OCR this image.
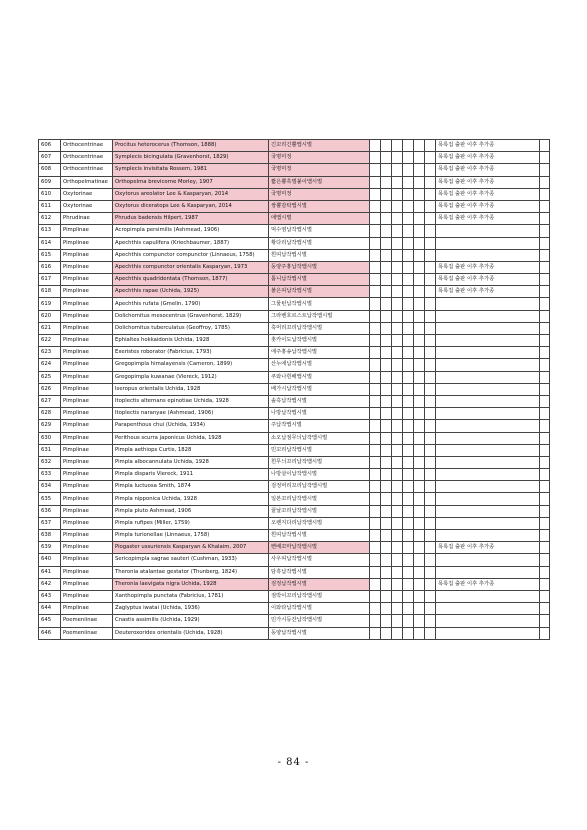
606	Orthocentrinae	Procitus heterocerus (Thomson, 1888)	긴꼬리긴뿔맵시벌							목록집 출판 이후 추가종	
607	Orthocentrinae	Symplecis bicingulata (Gravenhorst, 1829)	국명미정							목록집 출판 이후 추가종	
608	Orthocentrinae	Symplecis invisitata Rossem, 1981	국명미정							목록집 출판 이후 추가종	
609	Orthopelmatinae	Orthopelma brevicorne Morley, 1907	짧은뿔혹벌붙이맵시벌							목록집 출판 이후 추가종	
610	Oxytorinae	Oxytorus areolator Lee & Kasparyan, 2014	국명미정							목록집 출판 이후 추가종	
611	Oxytorinae	Oxytorus diceratops Lee & Kasparyan, 2014	쌍뿔감탁맵시벌							목록집 출판 이후 추가종	
612	Phrudinae	Phrudus badensis Hilpert, 1987	애맵시벌							목록집 출판 이후 추가종	
613	Pimplinae	Acropimpla persimilis (Ashmead, 1906)	먹수염납작맵시벌								
614	Pimplinae	Apechthis capulifera (Kriechbaumer, 1887)	황다리납작맵시벌								
615	Pimplinae	Apechthis compunctor compunctor (Linnaeus, 1758)	흰띠납작맵시벌								
616	Pimplinae	Apechthis compunctor orientalis Kasparyan, 1973	동양주홍납작맵시벌							목록집 출판 이후 추가종	
617	Pimplinae	Apechthis quadridentata (Thomson, 1877)	톱니납작맵시벌							목록집 출판 이후 추가종	
618	Pimplinae	Apechthis rapae (Uchida, 1925)	붉은띠납작맵시벌							목록집 출판 이후 추가종	
619	Pimplinae	Apechthis rufata (Gmelin, 1790)	그물턴납작맵시벌								
620	Pimplinae	Dolichomitus mesocentrus (Gravenhorst, 1829)	그라벤호르스트납작맵시벌								
621	Pimplinae	Dolichomitus tuberculatus (Geoffroy, 1785)	혹머리꼬리납작맵시벌								
622	Pimplinae	Ephialtes hokkaidonis Uchida, 1928	홋카이도납작맵시벌								
623	Pimplinae	Exeristes roborator (Fabricius, 1793)	애주홍송납작맵시벌								
624	Pimplinae	Gregopimpla himalayensis (Cameron, 1899)	산누에납작맵시벌								
625	Pimplinae	Gregopimpla kuwanae (Viereck, 1912)	쿠와나흰배맵시벌								
626	Pimplinae	Iseropus orientalis Uchida, 1928	배가시납작맵시벌								
627	Pimplinae	Itoplectis alternans epinotiae Uchida, 1928	솔혹납작맵시벌								
628	Pimplinae	Itoplectis naranyae (Ashmead, 1906)	나방납작맵시벌								
629	Pimplinae	Parapenthous chui (Uchida, 1934)	주납작맵시벌								
630	Pimplinae	Perithous scurra japonicus Uchida, 1928	소오납점무늬납작맵시벌								
631	Pimplinae	Pimpla aethiops Curtis, 1828	민꼬리납작맵시벌								
632	Pimplinae	Pimpla albocannulata Uchida, 1928	흰무늬꼬리납작맵시벌								
633	Pimplinae	Pimpla disparis Viereck, 1911	나방살이납작맵시벌								
634	Pimplinae	Pimpla luctuosa Smith, 1874	검정머리꼬리납작맵시벌								
635	Pimplinae	Pimpla nipponica Uchida, 1928	일본꼬리납작맵시벌								
636	Pimplinae	Pimpla pluto Ashmead, 1906	꿀날꼬리납작맵시벌								
637	Pimplinae	Pimpla rufipes (Miller, 1759)	오렌지다리납작맵시벌								
638	Pimplinae	Pimpla turionellae (Linnaeus, 1758)	흰띠납작맵시벌								
639	Pimplinae	Piogaster ussuriensis Kasparyan & Khalaim, 2007	뻔배꼬마납작맵시벌							목록집 출판 이후 추가종	
640	Pimplinae	Sericopimpla sagrae sauteri (Cushman, 1933)	사우띠납작맵시벌								
641	Pimplinae	Theronia atalantae gestator (Thunberg, 1824)	담흑납작맵시벌								
642	Pimplinae	Theronia laevigata nigra Uchida, 1928	검정납작맵시벌							목록집 출판 이후 추가종	
643	Pimplinae	Xanthopimpla punctata (Fabricius, 1781)	점박이꼬리납작맵시벌								
644	Pimplinae	Zaglyptus iwatai (Uchida, 1936)	이와타납작맵시벌								
645	Poemeniinae	Cnastis assimilis (Uchida, 1929)	민가시등잔납작맵시벌								
646	Poemeniinae	Deuteroxorides orientalis (Uchida, 1928)	동양납작맵시벌								
- 84 -
